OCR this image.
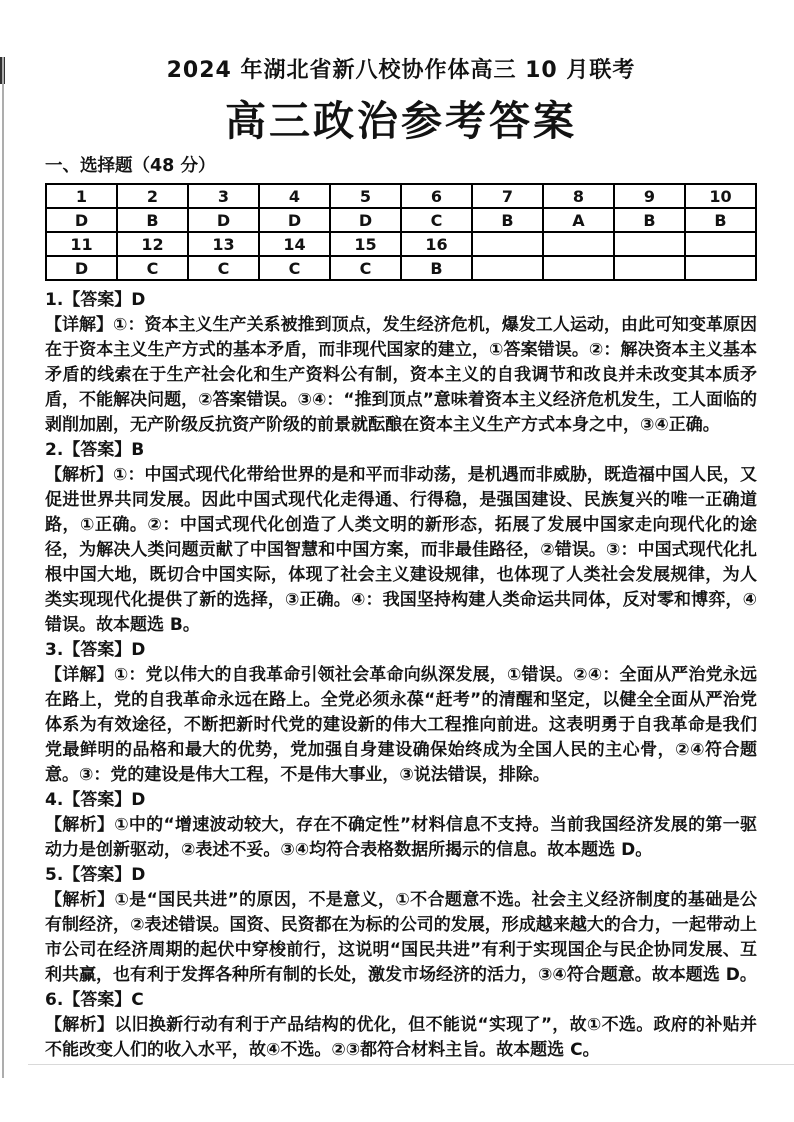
2024 年湖北省新八校协作体高三 10 月联考
高三政治参考答案
一、选择题（48 分）
1	2	3	4	5	6	7	8	9	10
D	B	D	D	D	C	B	A	B	B
11	12	13	14	15	16				
D	C	C	C	C	B				

1.【答案】D

【详解】①：资本主义生产关系被推到顶点，发生经济危机，爆发工人运动，由此可知变革原因在于资本主义生产方式的基本矛盾，而非现代国家的建立，①答案错误。②：解决资本主义基本矛盾的线索在于生产社会化和生产资料公有制，资本主义的自我调节和改良并未改变其本质矛盾，不能解决问题，②答案错误。③④：“推到顶点”意味着资本主义经济危机发生，工人面临的剥削加剧，无产阶级反抗资产阶级的前景就酝酿在资本主义生产方式本身之中，③④正确。

2.【答案】B

【解析】①：中国式现代化带给世界的是和平而非动荡，是机遇而非威胁，既造福中国人民，又促进世界共同发展。因此中国式现代化走得通、行得稳，是强国建设、民族复兴的唯一正确道路，①正确。②：中国式现代化创造了人类文明的新形态，拓展了发展中国家走向现代化的途径，为解决人类问题贡献了中国智慧和中国方案，而非最佳路径，②错误。③：中国式现代化扎根中国大地，既切合中国实际，体现了社会主义建设规律，也体现了人类社会发展规律，为人类实现现代化提供了新的选择，③正确。④：我国坚持构建人类命运共同体，反对零和博弈，④错误。故本题选 B。

3.【答案】D

【详解】①：党以伟大的自我革命引领社会革命向纵深发展，①错误。②④：全面从严治党永远在路上，党的自我革命永远在路上。全党必须永葆“赶考”的清醒和坚定，以健全全面从严治党体系为有效途径，不断把新时代党的建设新的伟大工程推向前进。这表明勇于自我革命是我们党最鲜明的品格和最大的优势，党加强自身建设确保始终成为全国人民的主心骨，②④符合题意。③：党的建设是伟大工程，不是伟大事业，③说法错误，排除。

4.【答案】D

【解析】①中的“增速波动较大，存在不确定性”材料信息不支持。当前我国经济发展的第一驱动力是创新驱动，②表述不妥。③④均符合表格数据所揭示的信息。故本题选 D。

5.【答案】D

【解析】①是“国民共进”的原因，不是意义，①不合题意不选。社会主义经济制度的基础是公有制经济，②表述错误。国资、民资都在为标的公司的发展，形成越来越大的合力，一起带动上市公司在经济周期的起伏中穿梭前行，这说明“国民共进”有利于实现国企与民企协同发展、互利共赢，也有利于发挥各种所有制的长处，激发市场经济的活力，③④符合题意。故本题选 D。

6.【答案】C

【解析】以旧换新行动有利于产品结构的优化，但不能说“实现了”，故①不选。政府的补贴并不能改变人们的收入水平，故④不选。②③都符合材料主旨。故本题选 C。
